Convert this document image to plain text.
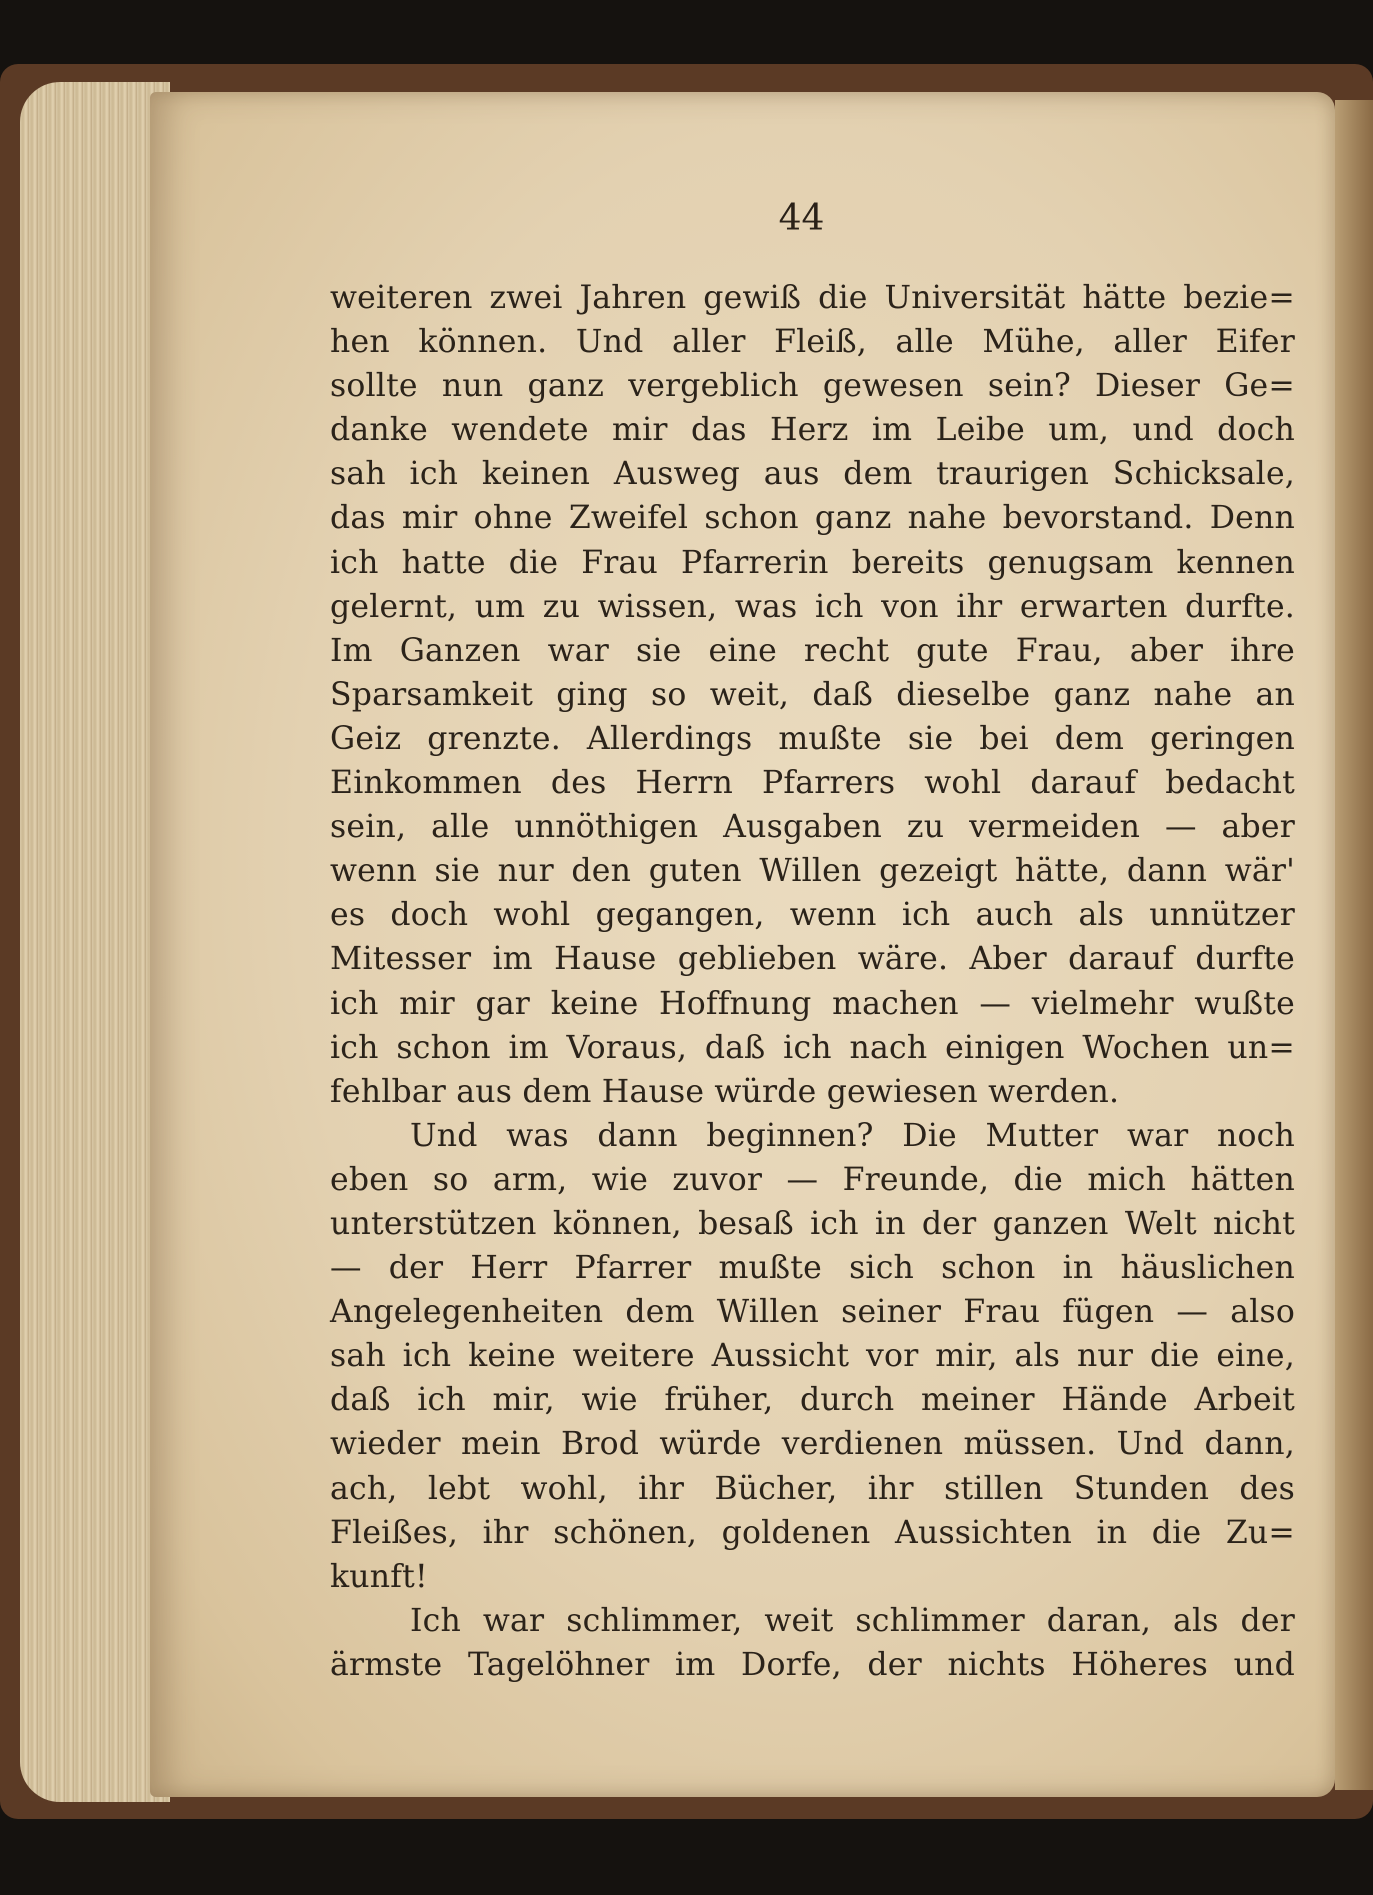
44
weiteren zwei Jahren gewiß die Universität hätte bezie=
hen können. Und aller Fleiß, alle Mühe, aller Eifer
sollte nun ganz vergeblich gewesen sein? Dieser Ge=
danke wendete mir das Herz im Leibe um, und doch
sah ich keinen Ausweg aus dem traurigen Schicksale,
das mir ohne Zweifel schon ganz nahe bevorstand. Denn
ich hatte die Frau Pfarrerin bereits genugsam kennen
gelernt, um zu wissen, was ich von ihr erwarten durfte.
Im Ganzen war sie eine recht gute Frau, aber ihre
Sparsamkeit ging so weit, daß dieselbe ganz nahe an
Geiz grenzte. Allerdings mußte sie bei dem geringen
Einkommen des Herrn Pfarrers wohl darauf bedacht
sein, alle unnöthigen Ausgaben zu vermeiden — aber
wenn sie nur den guten Willen gezeigt hätte, dann wär'
es doch wohl gegangen, wenn ich auch als unnützer
Mitesser im Hause geblieben wäre. Aber darauf durfte
ich mir gar keine Hoffnung machen — vielmehr wußte
ich schon im Voraus, daß ich nach einigen Wochen un=
fehlbar aus dem Hause würde gewiesen werden.
Und was dann beginnen? Die Mutter war noch
eben so arm, wie zuvor — Freunde, die mich hätten
unterstützen können, besaß ich in der ganzen Welt nicht
— der Herr Pfarrer mußte sich schon in häuslichen
Angelegenheiten dem Willen seiner Frau fügen — also
sah ich keine weitere Aussicht vor mir, als nur die eine,
daß ich mir, wie früher, durch meiner Hände Arbeit
wieder mein Brod würde verdienen müssen. Und dann,
ach, lebt wohl, ihr Bücher, ihr stillen Stunden des
Fleißes, ihr schönen, goldenen Aussichten in die Zu=
kunft!
Ich war schlimmer, weit schlimmer daran, als der
ärmste Tagelöhner im Dorfe, der nichts Höheres und
